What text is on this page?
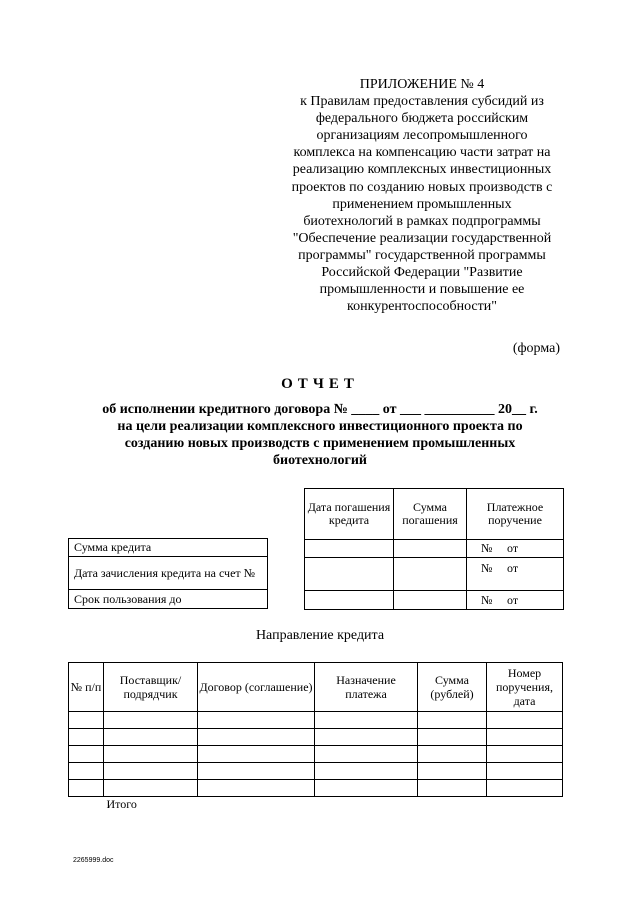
ПРИЛОЖЕНИЕ № 4
к Правилам предоставления субсидий из
федерального бюджета российским
организациям лесопромышленного
комплекса на компенсацию части затрат на
реализацию комплексных инвестиционных
проектов по созданию новых производств с
применением промышленных
биотехнологий в рамках подпрограммы
"Обеспечение реализации государственной
программы" государственной программы
Российской Федерации "Развитие
промышленности и повышение ее
конкурентоспособности"
(форма)
ОТЧЕТ
об исполнении кредитного договора № ____ от ___ __________ 20__ г.
на цели реализации комплексного инвестиционного проекта по
созданию новых производств с применением промышленных
биотехнологий
Сумма кредита
Дата зачисления кредита на счет №
Срок пользования до
Дата погашения кредита	Сумма погашения	Платежное поручение
		№ от
		№ от
		№ от
Направление кредита
№ п/п	Поставщик/ подрядчик	Договор (соглашение)	Назначение платежа	Сумма (рублей)	Номер поручения, дата

	Итого				
2265999.doc
